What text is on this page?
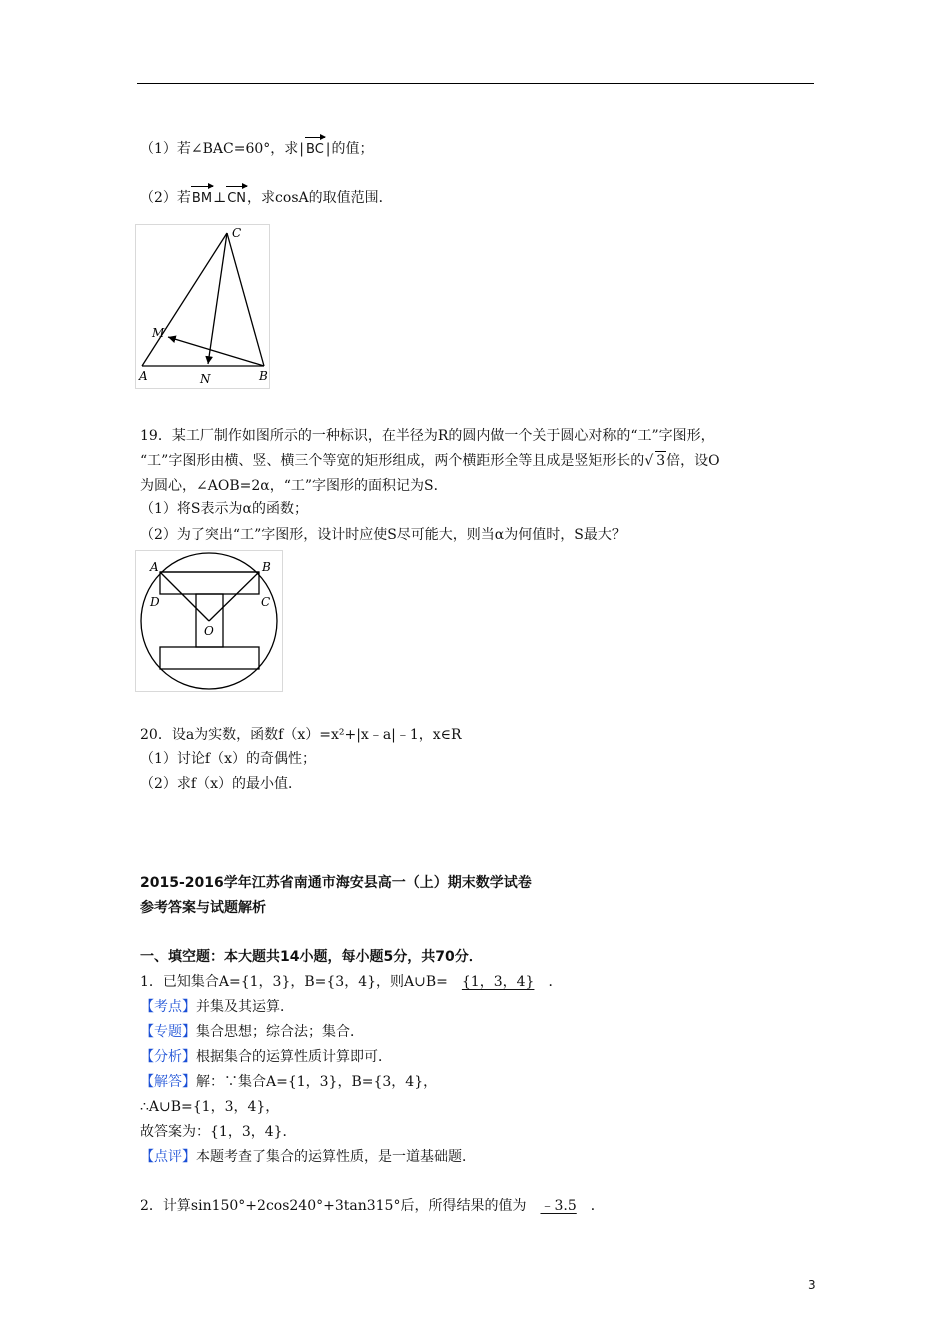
（1）若∠BAC=60°，求| BC |的值；
（2）若
BM⊥
CN，求cosA的取值范围．
C
M
A	N	B
19．某工厂制作如图所示的一种标识，在半径为R的圆内做一个关于圆心对称的“工”字图形，
“工”字图形由横、竖、横三个等宽的矩形组成，两个横距形全等且成是竖矩形长的√ 3倍，设O
为圆心，∠AOB=2α，“工”字图形的面积记为S．
（1）将S表示为α的函数；
（2）为了突出“工”字图形，设计时应使S尽可能大，则当α为何值时，S最大？
A	B
D	C
O
20．设a为实数，函数f（x）=x²+|x﹣a|﹣1，x∈R
（1）讨论f（x）的奇偶性；
（2）求f（x）的最小值．
2015-2016学年江苏省南通市海安县高一（上）期末数学试卷
参考答案与试题解析
一、填空题：本大题共14小题，每小题5分，共70分．
1．已知集合A={1，3}，B={3，4}，则A∪B= {1，3，4} ．
【考点】并集及其运算．
【专题】集合思想；综合法；集合．
【分析】根据集合的运算性质计算即可．
【解答】解：∵集合A={1，3}，B={3，4}，
∴A∪B={1，3，4}，
故答案为：{1，3，4}．
【点评】本题考查了集合的运算性质，是一道基础题．
2．计算sin150°+2cos240°+3tan315°后，所得结果的值为 ﹣3.5 ．
3
